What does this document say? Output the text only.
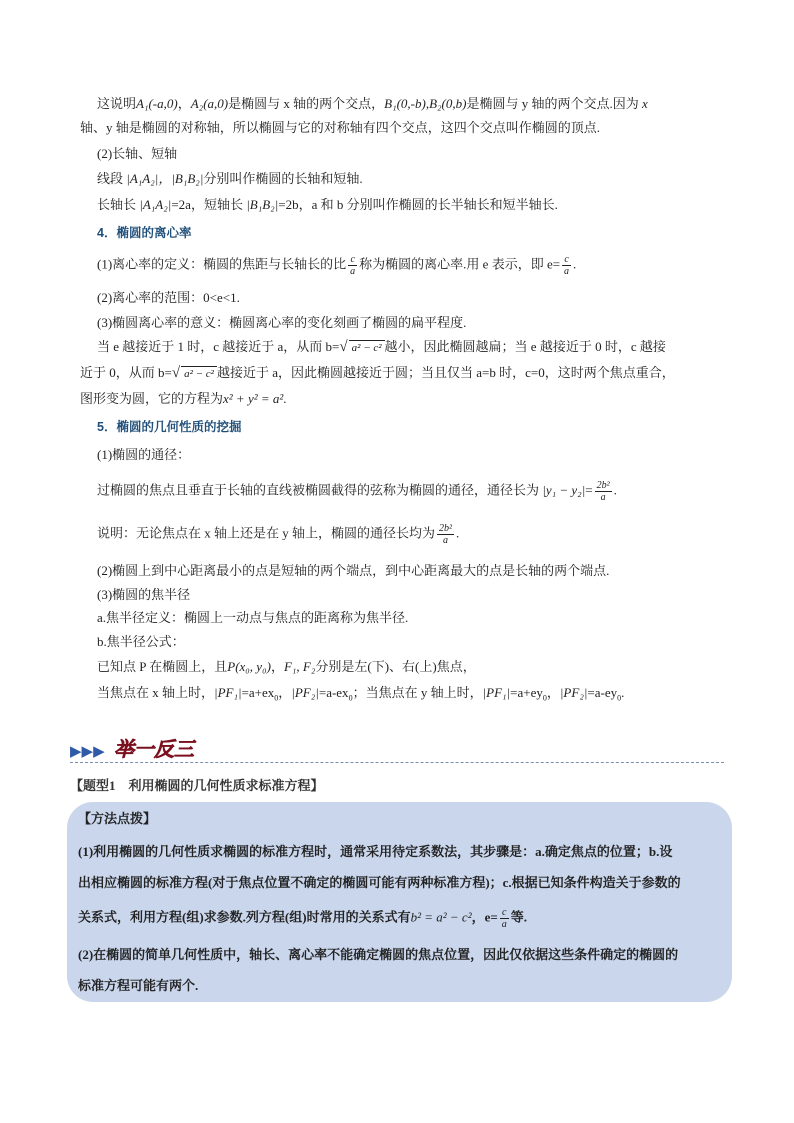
这说明A₁(-a,0)，A₂(a,0)是椭圆与 x 轴的两个交点，B₁(0,-b),B₂(0,b)是椭圆与 y 轴的两个交点.因为 x
轴、y 轴是椭圆的对称轴，所以椭圆与它的对称轴有四个交点，这四个交点叫作椭圆的顶点.
(2)长轴、短轴
线段 |A₁A₂|，|B₁B₂|分别叫作椭圆的长轴和短轴.
长轴长 |A₁A₂|=2a，短轴长 |B₁B₂|=2b，a 和 b 分别叫作椭圆的长半轴长和短半轴长.
4．椭圆的离心率
(1)离心率的定义：椭圆的焦距与长轴长的比 $\frac{c}{a}$ 称为椭圆的离心率.用 e 表示，即 $e= \frac{c}{a}$ .
(2)离心率的范围：0<e<1.
(3)椭圆离心率的意义：椭圆离心率的变化刻画了椭圆的扁平程度.
当 e 越接近于 1 时，c 越接近于 a，从而 b=√ a² − c² 越小，因此椭圆越扁；当 e 越接近于 0 时，c 越接
近于 0，从而 b=√ a² − c² 越接近于 a，因此椭圆越接近于圆；当且仅当 a=b 时，c=0，这时两个焦点重合，
图形变为圆，它的方程为x² + y² = a².
5．椭圆的几何性质的挖掘
(1)椭圆的通径：
过椭圆的焦点且垂直于长轴的直线被椭圆截得的弦称为椭圆的通径，通径长为 $|y_1 - y_2|= \frac{\text{2b²}}{a}$ .
说明：无论焦点在 x 轴上还是在 y 轴上，椭圆的通径长均为 $\frac{\text{2b²}}{a}$ .
(2)椭圆上到中心距离最小的点是短轴的两个端点，到中心距离最大的点是长轴的两个端点.
(3)椭圆的焦半径
a.焦半径定义：椭圆上一动点与焦点的距离称为焦半径.
b.焦半径公式：
已知点 P 在椭圆上，且P(x₀, y₀)，F₁, F₂分别是左(下)、右(上)焦点，
当焦点在 x 轴上时，$|PF_1|=a+ex_0$，$|PF_2|=a-ex_0$；当焦点在 y 轴上时，$|PF_1|=a+ey_0$，$|PF_2|=a-ey_0$.
▶▶▶ 举一反三
【题型1　利用椭圆的几何性质求标准方程】
【方法点拨】
(1)利用椭圆的几何性质求椭圆的标准方程时，通常采用待定系数法，其步骤是：a.确定焦点的位置；b.设
出相应椭圆的标准方程(对于焦点位置不确定的椭圆可能有两种标准方程)；c.根据已知条件构造关于参数的
关系式，利用方程(组)求参数.列方程(组)时常用的关系式有b² = a² − c²，$e= \frac{c}{a}$ 等.
(2)在椭圆的简单几何性质中，轴长、离心率不能确定椭圆的焦点位置，因此仅依据这些条件确定的椭圆的
标准方程可能有两个.
